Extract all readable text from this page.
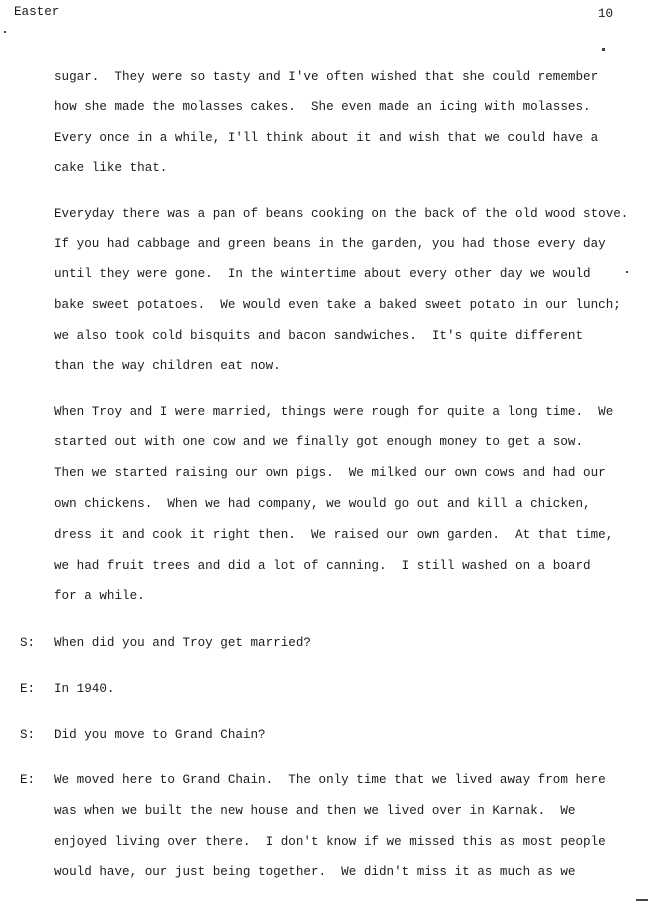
Easter	10
sugar.  They were so tasty and I've often wished that she could remember
how she made the molasses cakes.  She even made an icing with molasses.
Every once in a while, I'll think about it and wish that we could have a
cake like that.
Everyday there was a pan of beans cooking on the back of the old wood stove.
If you had cabbage and green beans in the garden, you had those every day
until they were gone.  In the wintertime about every other day we would
bake sweet potatoes.  We would even take a baked sweet potato in our lunch;
we also took cold bisquits and bacon sandwiches.  It's quite different
than the way children eat now.
When Troy and I were married, things were rough for quite a long time.  We
started out with one cow and we finally got enough money to get a sow.
Then we started raising our own pigs.  We milked our own cows and had our
own chickens.  When we had company, we would go out and kill a chicken,
dress it and cook it right then.  We raised our own garden.  At that time,
we had fruit trees and did a lot of canning.  I still washed on a board
for a while.
S: When did you and Troy get married?
E: In 1940.
S: Did you move to Grand Chain?
E: We moved here to Grand Chain.  The only time that we lived away from here
was when we built the new house and then we lived over in Karnak.  We
enjoyed living over there.  I don't know if we missed this as most people
would have, our just being together.  We didn't miss it as much as we
